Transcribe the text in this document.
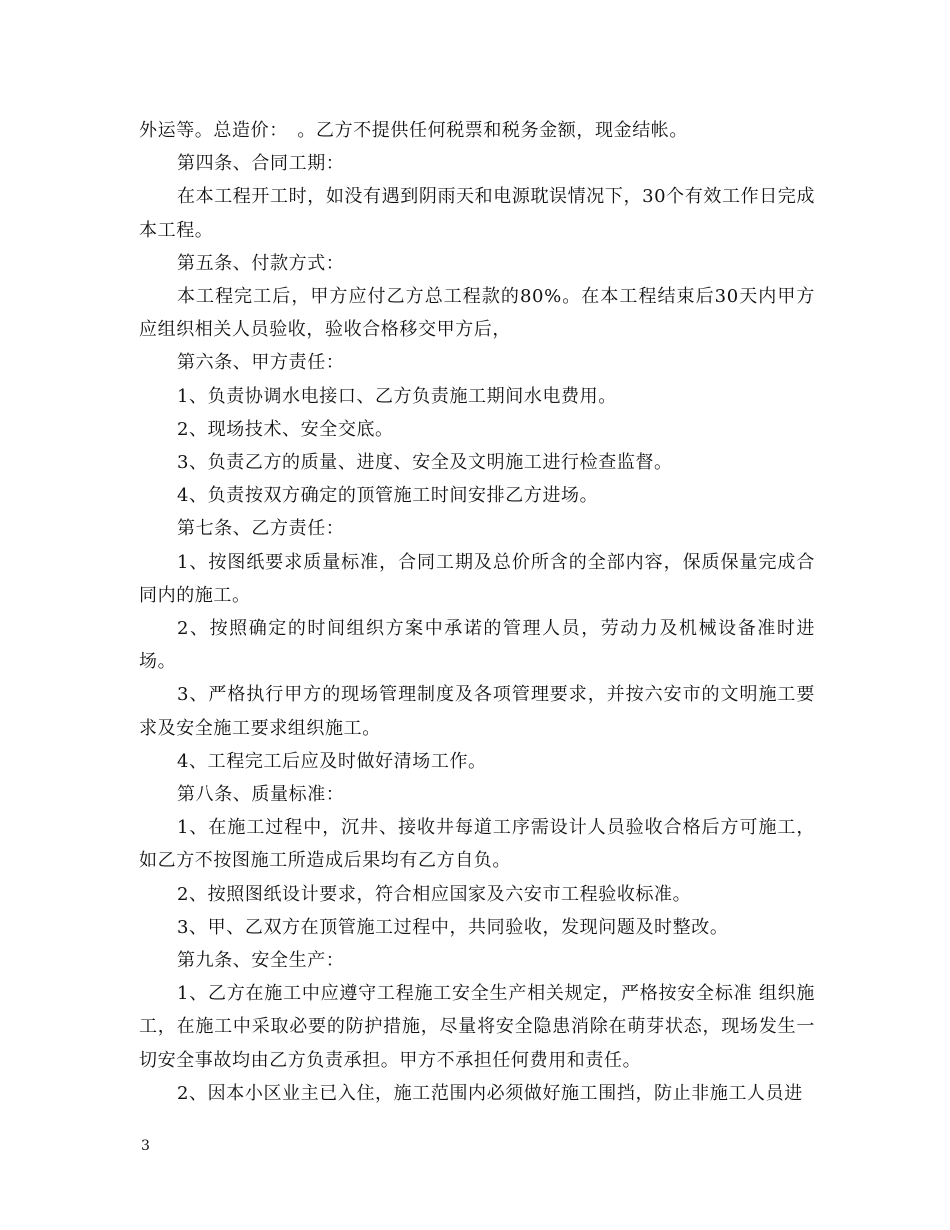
外运等。总造价：　。乙方不提供任何税票和税务金额，现金结帐。

第四条、合同工期：

在本工程开工时，如没有遇到阴雨天和电源耽误情况下，30个有效工作日完成本工程。

第五条、付款方式：

本工程完工后，甲方应付乙方总工程款的80%。在本工程结束后30天内甲方应组织相关人员验收，验收合格移交甲方后，

第六条、甲方责任：

1、负责协调水电接口、乙方负责施工期间水电费用。

2、现场技术、安全交底。

3、负责乙方的质量、进度、安全及文明施工进行检查监督。

4、负责按双方确定的顶管施工时间安排乙方进场。

第七条、乙方责任：

1、按图纸要求质量标准，合同工期及总价所含的全部内容，保质保量完成合同内的施工。

2、按照确定的时间组织方案中承诺的管理人员，劳动力及机械设备准时进场。

3、严格执行甲方的现场管理制度及各项管理要求，并按六安市的文明施工要求及安全施工要求组织施工。

4、工程完工后应及时做好清场工作。

第八条、质量标准：

1、在施工过程中，沉井、接收井每道工序需设计人员验收合格后方可施工，如乙方不按图施工所造成后果均有乙方自负。

2、按照图纸设计要求，符合相应国家及六安市工程验收标准。

3、甲、乙双方在顶管施工过程中，共同验收，发现问题及时整改。

第九条、安全生产：

1、乙方在施工中应遵守工程施工安全生产相关规定，严格按安全标准 组织施工，在施工中采取必要的防护措施，尽量将安全隐患消除在萌芽状态，现场发生一切安全事故均由乙方负责承担。甲方不承担任何费用和责任。

2、因本小区业主已入住，施工范围内必须做好施工围挡，防止非施工人员进

3
